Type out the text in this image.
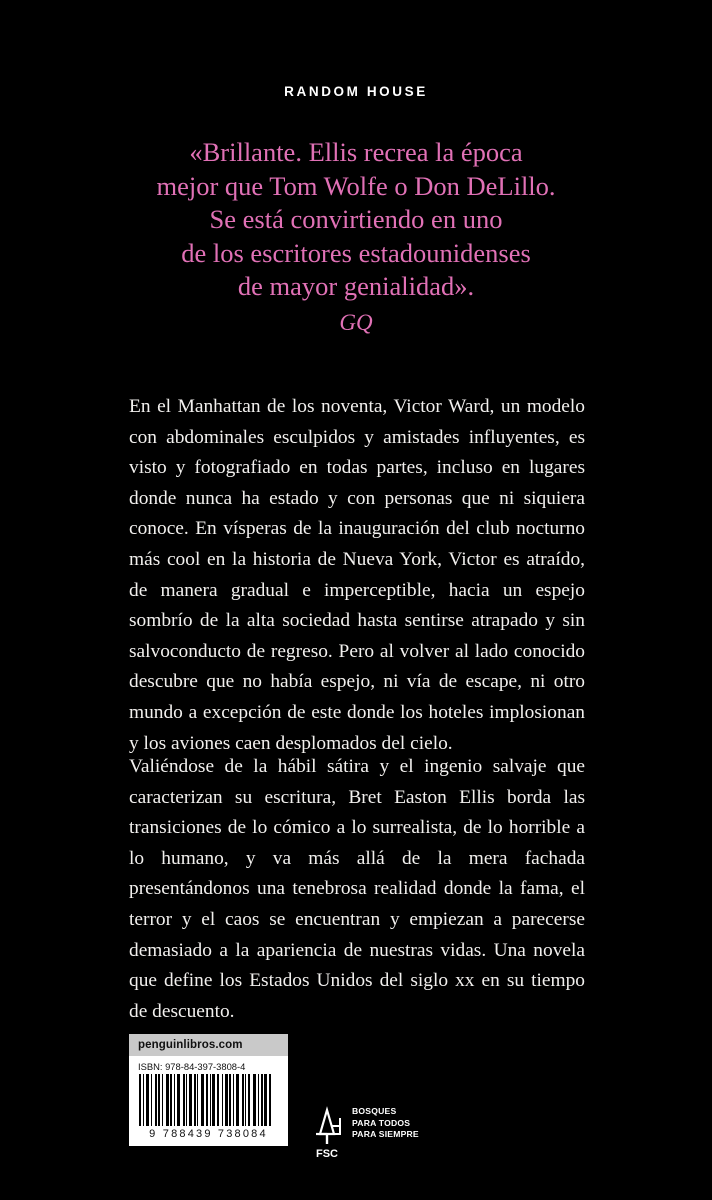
RANDOM HOUSE
«Brillante. Ellis recrea la época
mejor que Tom Wolfe o Don DeLillo.
Se está convirtiendo en uno
de los escritores estadounidenses
de mayor genialidad».
GQ

En el Manhattan de los noventa, Victor Ward, un modelo con abdominales esculpidos y amistades influyentes, es visto y fotografiado en todas partes, incluso en lugares donde nunca ha estado y con personas que ni siquiera conoce. En vísperas de la inauguración del club nocturno más cool en la historia de Nueva York, Victor es atraído, de manera gradual e imperceptible, hacia un espejo sombrío de la alta sociedad hasta sentirse atrapado y sin salvoconducto de regreso. Pero al volver al lado conocido descubre que no había espejo, ni vía de escape, ni otro mundo a excepción de este donde los hoteles implosionan y los aviones caen desplomados del cielo.

Valiéndose de la hábil sátira y el ingenio salvaje que caracterizan su escritura, Bret Easton Ellis borda las transiciones de lo cómico a lo surrealista, de lo horrible a lo humano, y va más allá de la mera fachada presentándonos una tenebrosa realidad donde la fama, el terror y el caos se encuentran y empiezan a parecerse demasiado a la apariencia de nuestras vidas. Una novela que define los Estados Unidos del siglo xx en su tiempo de descuento.

penguinlibros.com
ISBN: 978-84-397-3808-4
9 788439 738084
FSC
BOSQUES
PARA TODOS
PARA SIEMPRE
